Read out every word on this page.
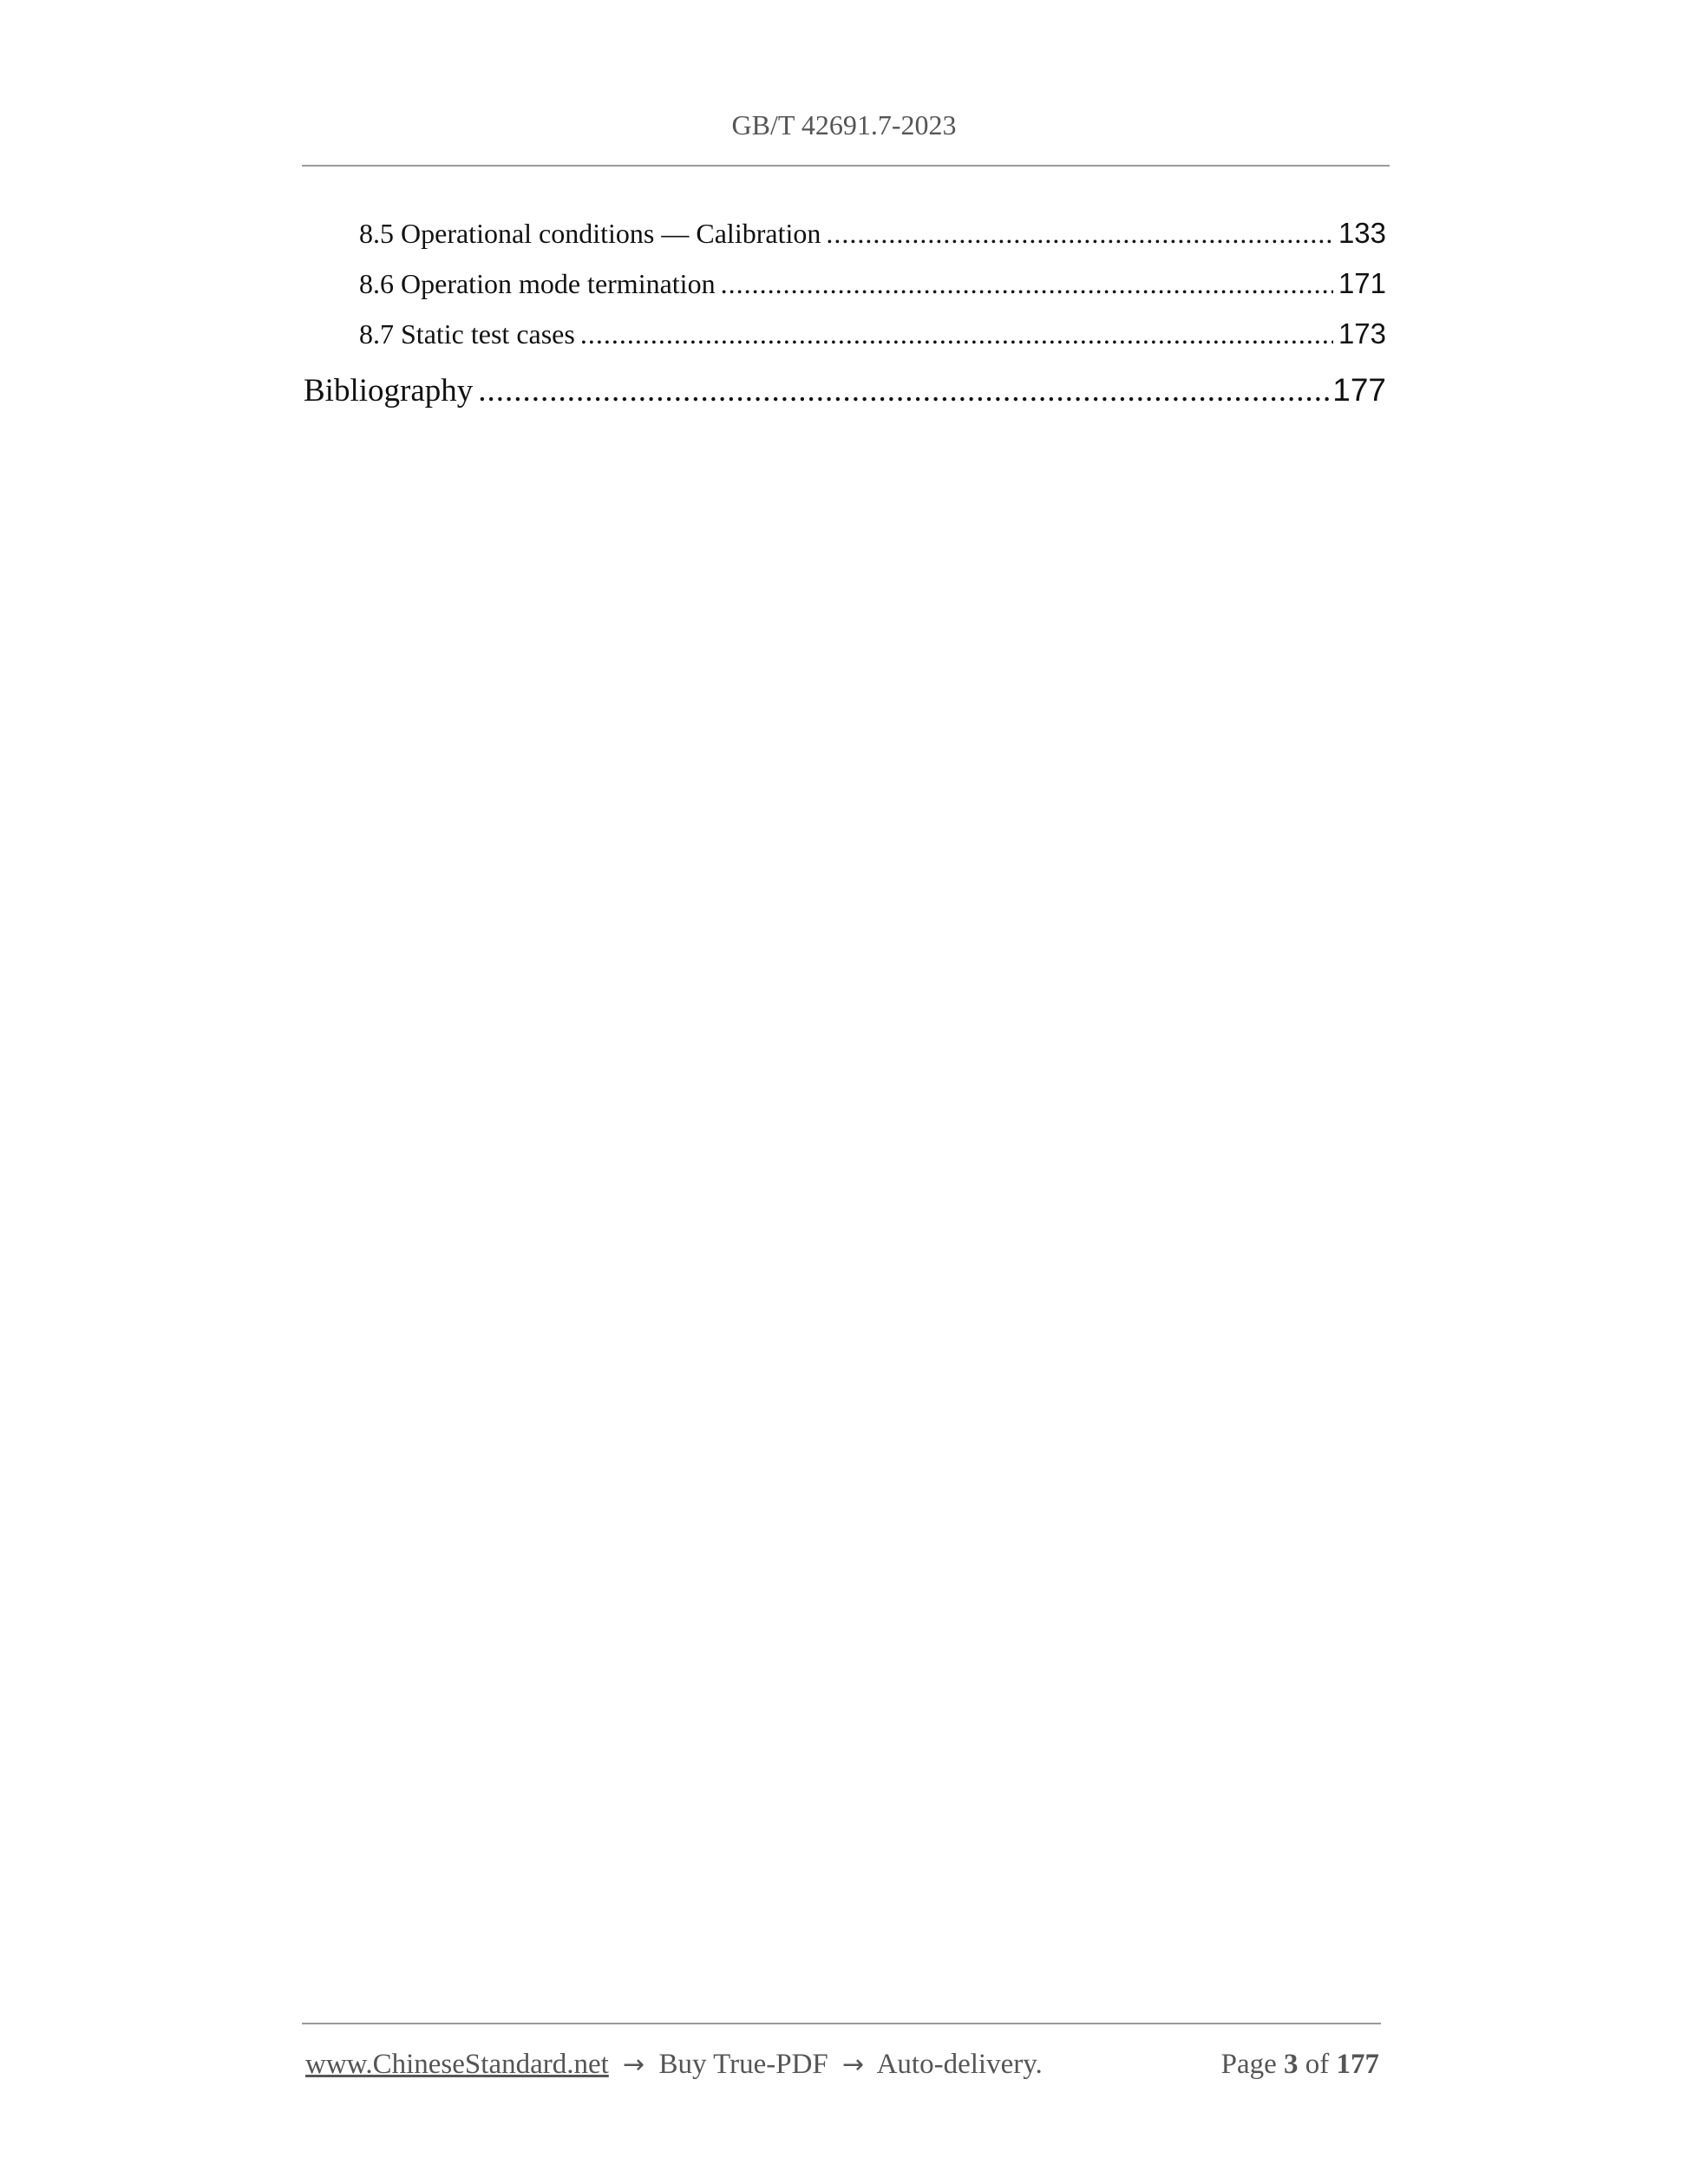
GB/T 42691.7-2023
8.5 Operational conditions — Calibration .....	133
8.6 Operation mode termination .....	171
8.7 Static test cases .....	173
Bibliography .....	177
www.ChineseStandard.net → Buy True-PDF → Auto-delivery.	Page 3 of 177
